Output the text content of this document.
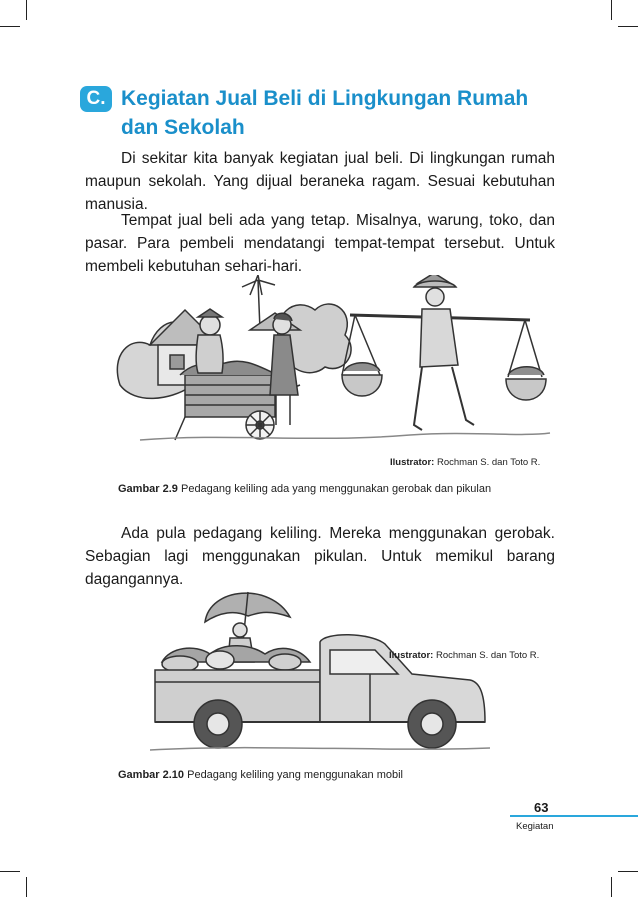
C. Kegiatan Jual Beli di Lingkungan Rumah dan Sekolah

Di sekitar kita banyak kegiatan jual beli. Di lingkungan rumah maupun sekolah. Yang dijual beraneka ragam. Sesuai kebutuhan manusia.

Tempat jual beli ada yang tetap. Misalnya, warung, toko, dan pasar. Para pembeli mendatangi tempat-tempat tersebut. Untuk membeli kebutuhan sehari-hari.

Ilustrator: Rochman S. dan Toto R.
Gambar 2.9 Pedagang keliling ada yang menggunakan gerobak dan pikulan

Ada pula pedagang keliling. Mereka menggunakan gerobak. Sebagian lagi menggunakan pikulan. Untuk memikul barang dagangannya.

Ilustrator: Rochman S. dan Toto R.
Gambar 2.10 Pedagang keliling yang menggunakan mobil
63
Kegiatan
